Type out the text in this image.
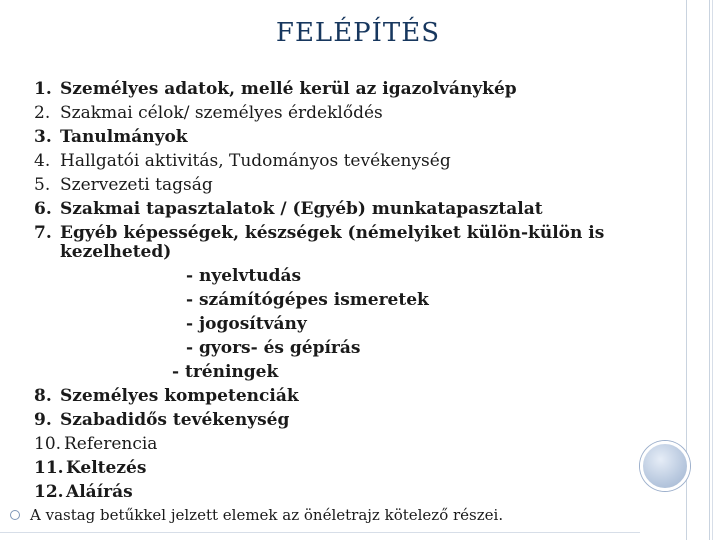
FELÉPÍTÉS
1. Személyes adatok, mellé kerül az igazolványkép
2. Szakmai célok/ személyes érdeklődés
3. Tanulmányok
4. Hallgatói aktivitás, Tudományos tevékenység
5. Szervezeti tagság
6. Szakmai tapasztalatok / (Egyéb) munkatapasztalat
7. Egyéb képességek, készségek (némelyiket külön-külön is
kezelheted)
- nyelvtudás
- számítógépes ismeretek
- jogosítvány
- gyors- és gépírás
- tréningek
8. Személyes kompetenciák
9. Szabadidős tevékenység
10. Referencia
11. Keltezés
12. Aláírás
A vastag betűkkel jelzett elemek az önéletrajz kötelező részei.
